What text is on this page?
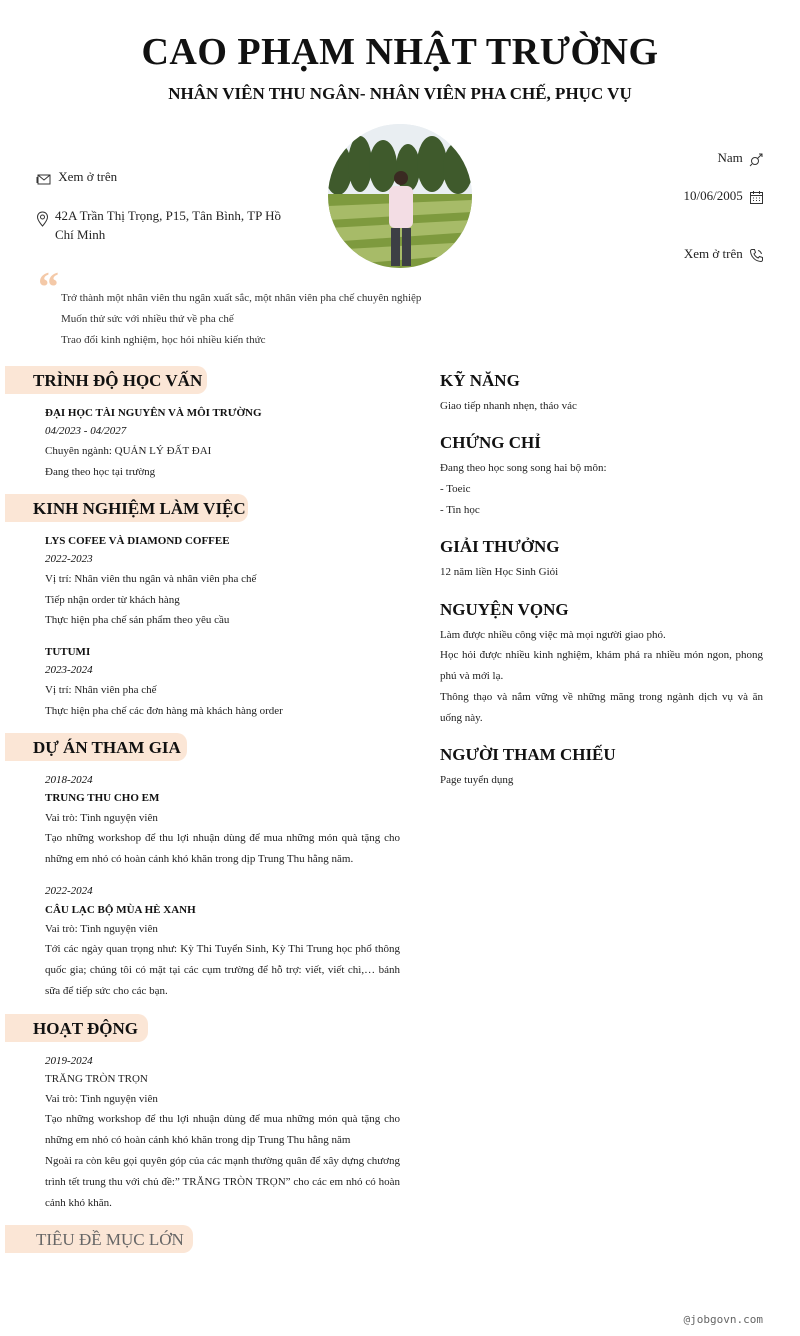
CAO PHẠM NHẬT TRƯỜNG
NHÂN VIÊN THU NGÂN- NHÂN VIÊN PHA CHẾ, PHỤC VỤ
Xem ở trên
42A Trần Thị Trọng, P15, Tân Bình, TP Hồ
Chí Minh
Nam
10/06/2005
Xem ở trên
“ Trở thành một nhân viên thu ngân xuất sắc, một nhân viên pha chế chuyên nghiệp
Muốn thử sức với nhiều thứ về pha chế
Trao đổi kinh nghiệm, học hỏi nhiều kiến thức
TRÌNH ĐỘ HỌC VẤN
ĐẠI HỌC TÀI NGUYÊN VÀ MÔI TRƯỜNG
04/2023 - 04/2027
Chuyên ngành: QUẢN LÝ ĐẤT ĐAI
Đang theo học tại trường
KINH NGHIỆM LÀM VIỆC
LYS COFEE VÀ DIAMOND COFFEE
2022-2023
Vị trí: Nhân viên thu ngân và nhân viên pha chế
Tiếp nhận order từ khách hàng
Thực hiện pha chế sản phẩm theo yêu cầu
TUTUMI
2023-2024
Vị trí: Nhân viên pha chế
Thực hiện pha chế các đơn hàng mà khách hàng order
DỰ ÁN THAM GIA
2018-2024
TRUNG THU CHO EM
Vai trò: Tình nguyện viên
Tạo những workshop để thu lợi nhuận dùng để mua những món quà tặng cho những em nhỏ có hoàn cảnh khó khăn trong dịp Trung Thu hằng năm.
2022-2024
CÂU LẠC BỘ MÙA HÈ XANH
Vai trò: Tình nguyện viên
Tới các ngày quan trọng như: Kỳ Thi Tuyển Sinh, Kỳ Thi Trung học phổ thông quốc gia; chúng tôi có mặt tại các cụm trường để hỗ trợ: viết, viết chì,… bánh sữa để tiếp sức cho các bạn.
HOẠT ĐỘNG
2019-2024
TRĂNG TRÒN TRỌN
Vai trò: Tình nguyện viên
Tạo những workshop để thu lợi nhuận dùng để mua những món quà tặng cho những em nhỏ có hoàn cảnh khó khăn trong dịp Trung Thu hằng năm
Ngoài ra còn kêu gọi quyên góp của các mạnh thường quân để xây dựng chương trình tết trung thu với chủ đề:” TRĂNG TRÒN TRỌN” cho các em nhỏ có hoàn cảnh khó khăn.
TIÊU ĐỀ MỤC LỚN
KỸ NĂNG
Giao tiếp nhanh nhẹn, tháo vác
CHỨNG CHỈ
Đang theo học song song hai bộ môn:
- Toeic
- Tin học
GIẢI THƯỞNG
12 năm liền Học Sinh Giỏi
NGUYỆN VỌNG
Làm được nhiều công việc mà mọi người giao phó.
Học hỏi được nhiều kinh nghiệm, khám phá ra nhiều món ngon, phong phú và mới lạ.
Thông thạo và nắm vững về những mãng trong ngành dịch vụ và ăn uống này.
NGƯỜI THAM CHIẾU
Page tuyển dụng
@jobgovn.com
